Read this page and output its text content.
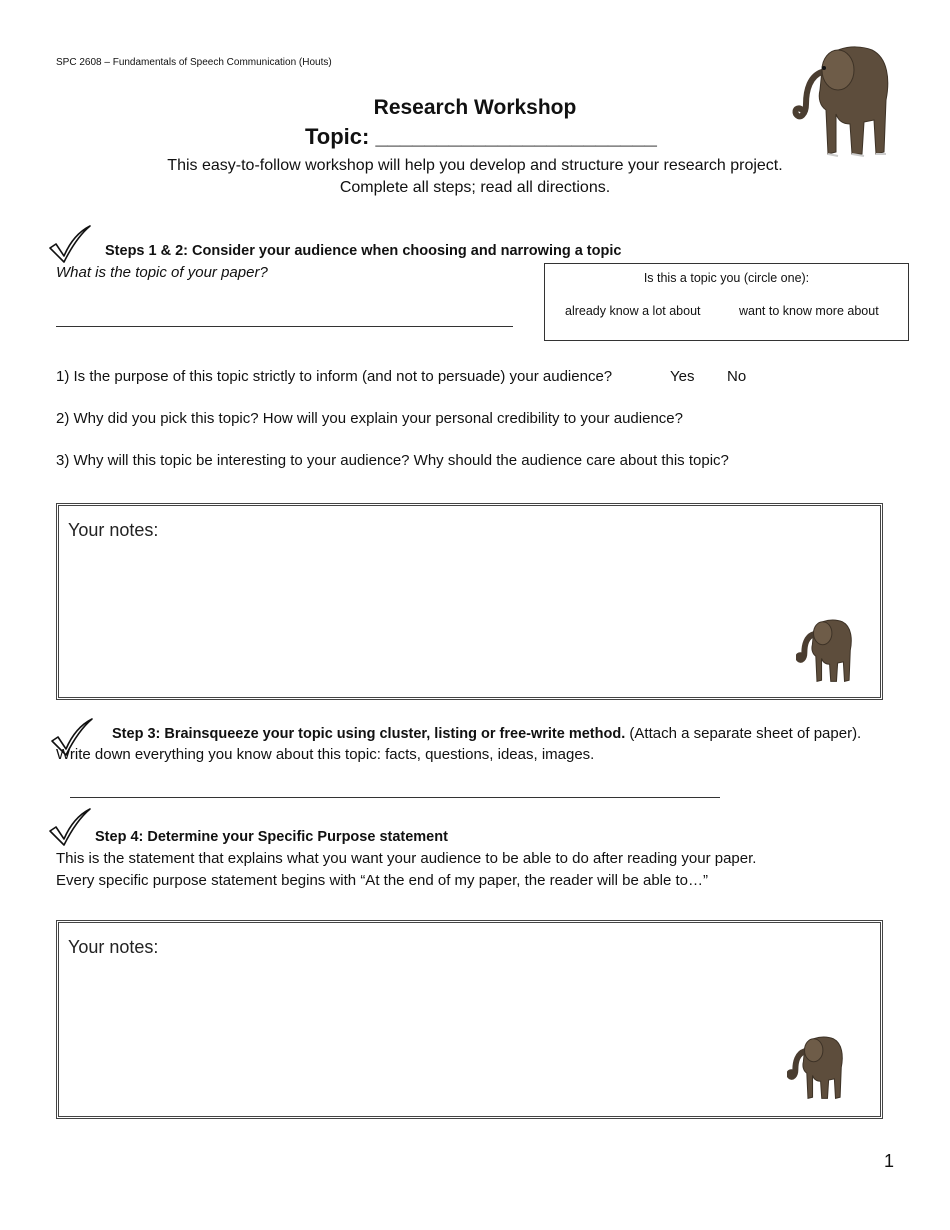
SPC 2608 – Fundamentals of Speech Communication (Houts)
Research Workshop
Topic: _______________________
This easy-to-follow workshop will help you develop and structure your research project.
Complete all steps; read all directions.
Steps 1 & 2: Consider your audience when choosing and narrowing a topic
What is the topic of your paper?	Is this a topic you (circle one):
already know a lot about	want to know more about
1) Is the purpose of this topic strictly to inform (and not to persuade) your audience?	Yes No
2) Why did you pick this topic? How will you explain your personal credibility to your audience?
3) Why will this topic be interesting to your audience? Why should the audience care about this topic?
Your notes:
Step 3: Brainsqueeze your topic using cluster, listing or free-write method. (Attach a separate sheet of paper).
Write down everything you know about this topic: facts, questions, ideas, images.
Step 4: Determine your Specific Purpose statement
This is the statement that explains what you want your audience to be able to do after reading your paper.
Every specific purpose statement begins with “At the end of my paper, the reader will be able to…”
Your notes:
1
